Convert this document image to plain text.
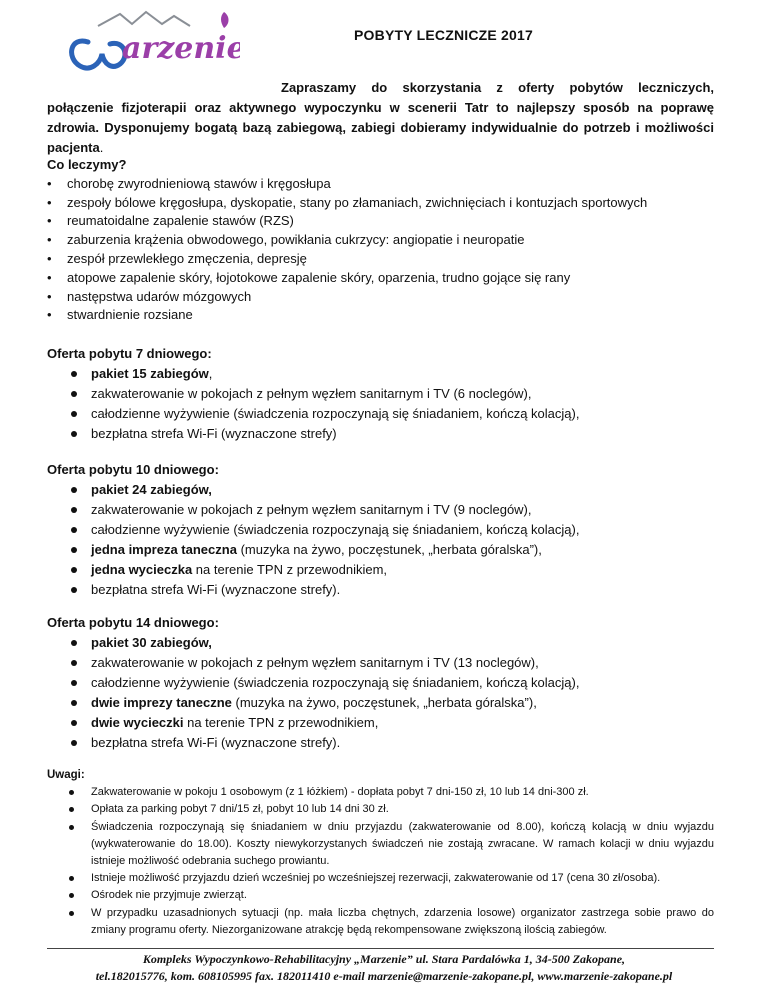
arzenie	POBYTY LECZNICZE 2017
Zapraszamy do skorzystania z oferty pobytów leczniczych, połączenie fizjoterapii oraz aktywnego wypoczynku w scenerii Tatr to najlepszy sposób na poprawę zdrowia. Dysponujemy bogatą bazą zabiegową, zabiegi dobieramy indywidualnie do potrzeb i możliwości pacjenta.
Co leczymy?
• chorobę zwyrodnieniową stawów i kręgosłupa
• zespoły bólowe kręgosłupa, dyskopatie, stany po złamaniach, zwichnięciach i kontuzjach sportowych
• reumatoidalne zapalenie stawów (RZS)
• zaburzenia krążenia obwodowego, powikłania cukrzycy: angiopatie i neuropatie
• zespół przewlekłego zmęczenia, depresję
• atopowe zapalenie skóry, łojotokowe zapalenie skóry, oparzenia, trudno gojące się rany
• następstwa udarów mózgowych
• stwardnienie rozsiane
Oferta pobytu 7 dniowego:
pakiet 15 zabiegów,
zakwaterowanie w pokojach z pełnym węzłem sanitarnym i TV (6 noclegów),
całodzienne wyżywienie (świadczenia rozpoczynają się śniadaniem, kończą kolacją),
bezpłatna strefa Wi-Fi (wyznaczone strefy)
Oferta pobytu 10 dniowego:
pakiet 24 zabiegów,
zakwaterowanie w pokojach z pełnym węzłem sanitarnym i TV (9 noclegów),
całodzienne wyżywienie (świadczenia rozpoczynają się śniadaniem, kończą kolacją),
jedna impreza taneczna (muzyka na żywo, poczęstunek, „herbata góralska”),
jedna wycieczka na terenie TPN z przewodnikiem,
bezpłatna strefa Wi-Fi (wyznaczone strefy).
Oferta pobytu 14 dniowego:
pakiet 30 zabiegów,
zakwaterowanie w pokojach z pełnym węzłem sanitarnym i TV (13 noclegów),
całodzienne wyżywienie (świadczenia rozpoczynają się śniadaniem, kończą kolacją),
dwie imprezy taneczne (muzyka na żywo, poczęstunek, „herbata góralska”),
dwie wycieczki na terenie TPN z przewodnikiem,
bezpłatna strefa Wi-Fi (wyznaczone strefy).
Uwagi:
Zakwaterowanie w pokoju 1 osobowym (z 1 łóżkiem) - dopłata pobyt 7 dni-150 zł, 10 lub 14 dni-300 zł.
Opłata za parking pobyt 7 dni/15 zł, pobyt 10 lub 14 dni 30 zł.
Świadczenia rozpoczynają się śniadaniem w dniu przyjazdu (zakwaterowanie od 8.00), kończą kolacją w dniu wyjazdu (wykwaterowanie do 18.00). Koszty niewykorzystanych świadczeń nie zostają zwracane. W ramach kolacji w dniu wyjazdu istnieje możliwość odebrania suchego prowiantu.
Istnieje możliwość przyjazdu dzień wcześniej po wcześniejszej rezerwacji, zakwaterowanie od 17 (cena 30 zł/osoba).
Ośrodek nie przyjmuje zwierząt.
W przypadku uzasadnionych sytuacji (np. mała liczba chętnych, zdarzenia losowe) organizator zastrzega sobie prawo do zmiany programu oferty. Niezorganizowane atrakcję będą rekompensowane zwiększoną ilością zabiegów.
Kompleks Wypoczynkowo-Rehabilitacyjny „Marzenie” ul. Stara Pardalówka 1, 34-500 Zakopane,
tel.182015776, kom. 608105995 fax. 182011410 e-mail marzenie@marzenie-zakopane.pl, www.marzenie-zakopane.pl
